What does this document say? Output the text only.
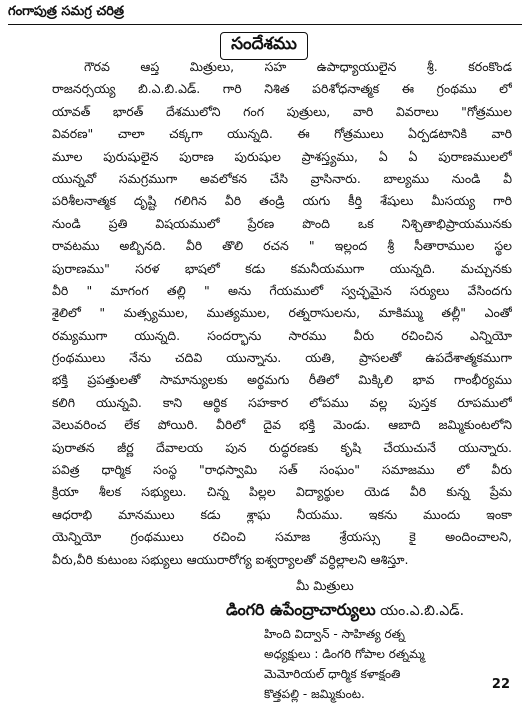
గంగాపుత్ర సమగ్ర చరిత్ర
సందేశము
గౌరవ ఆప్త మిత్రులు, సహ ఉపాధ్యాయులైన శ్రీ. కరంకొండ
రాజనర్సయ్య బి.ఎ.బి.ఎడ్. గారి నిశిత పరిశోధనాత్మక ఈ గ్రంథము లో
యావత్ భారత్ దేశములోని గంగ పుత్రులు, వారి వివరాలు "గోత్రముల
వివరణ" చాలా చక్కగా యున్నది. ఈ గోత్రములు ఏర్పడటానికి వారి
మూల పురుషులైన పురాణ పురుషుల ప్రాశస్త్యము, ఏ ఏ పురాణములలో
యున్నవో సమగ్రముగా అవలోకన చేసి వ్రాసినారు. బాల్యము నుండి వీ
పరిశీలనాత్మక దృష్టి గలిగిన వీరి తండ్రి యగు కీర్తి శేషులు మీసయ్య గారి
నుండి ప్రతి విషయములో ప్రేరణ పొంది ఒక నిశ్చితాభిప్రాయమునకు
రావటము అబ్బినది. వీరి తొలి రచన " ఇల్లంద శ్రీ సీతారాముల స్థల
పురాణము" సరళ భాషలో కడు కమనీయముగా యున్నది. మచ్చునకు
వీరి " మాగంగ తల్లి " అను గేయములో స్వచ్ఛమైన సర్యులు వేసిందగు
శైలిలో " మత్స్యముల, ముత్యముల, రత్నరాసులను, మాకిమ్ము తల్లీ" ఎంతో
రమ్యముగా యున్నది. సందర్భాను సారము వీరు రచించిన ఎన్నియో
గ్రంథములు నేను చదివి యున్నాను. యతి, ప్రాసలతో ఉపదేశాత్మకముగా
భక్తి ప్రపత్తులతో సామాన్యులకు అర్థమగు రీతిలో మిక్కిలి భావ గాంభీర్యము
కలిగి యున్నవి. కాని ఆర్థిక సహకార లోపము వల్ల పుస్తక రూపములో
వెలువరించ లేక పోయిరి. వీరిలో దైవ భక్తి మెండు. ఆబాది జమ్మికుంటలోని
పురాతన జీర్ణ దేవాలయ పున రుద్ధరణకు కృషి చేయుచునే యున్నారు.
పవిత్ర ధార్మిక సంస్థ "రాధస్వామి సత్ సంఘం" సమాజము లో వీరు
క్రియా శీలక సభ్యులు. చిన్న పిల్లల విద్యార్థుల యెడ వీరి కున్న ప్రేమ
ఆధరాభి మానములు కడు శ్లాఘ నీయము. ఇకను ముందు ఇంకా
యెన్నియో గ్రంథములు రచించి సమాజ శ్రేయస్సు కై అందించాలని,
వీరు,వీరి కుటుంబ సభ్యులు ఆయురారోగ్య ఐశ్వర్యాలతో వర్ధిల్లాలని ఆశిస్తూ.
మీ మిత్రులు
డింగరి ఉపేంద్రాచార్యులు యం.ఎ.బి.ఎడ్.
హింది విద్వాన్ - సాహిత్య రత్న
అధ్యక్షులు : డింగరి గోపాల రత్నమ్మ
మెమోరియల్ ధార్మిక కళాక్షంతి
కొత్తపల్లి - జమ్మికుంట.
22
